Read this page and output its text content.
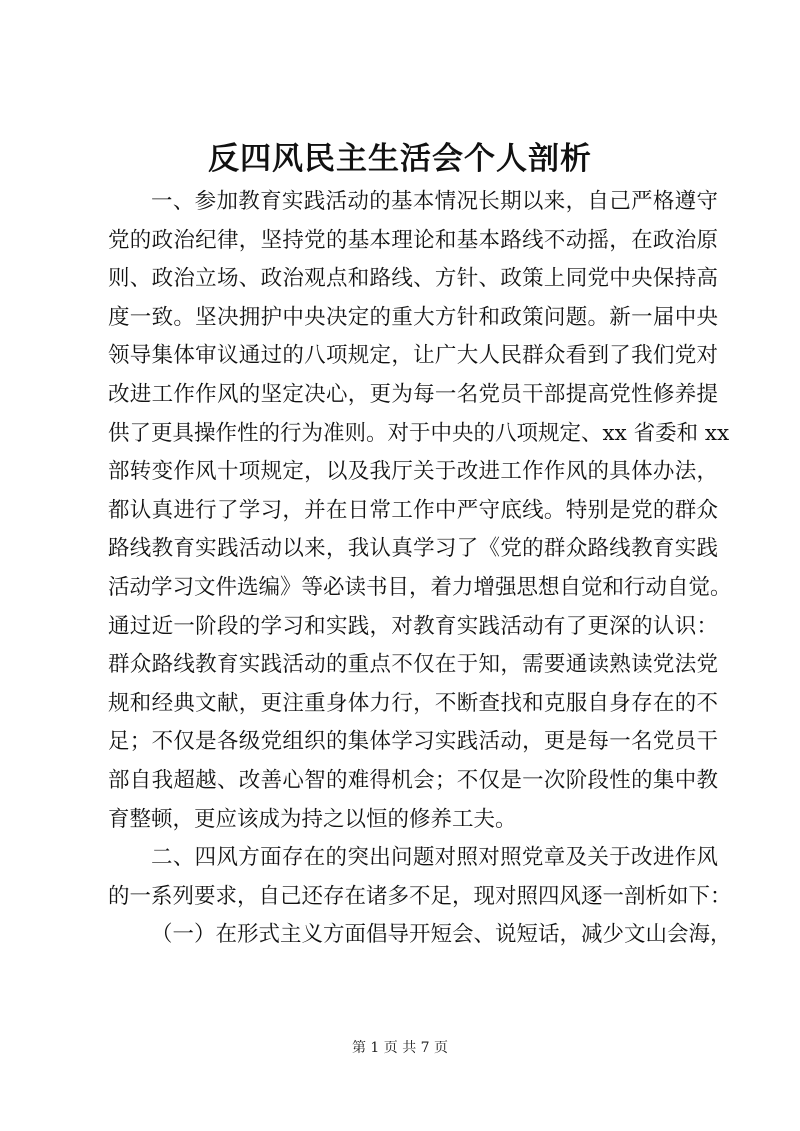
反四风民主生活会个人剖析
一、参加教育实践活动的基本情况长期以来，自己严格遵守
党的政治纪律，坚持党的基本理论和基本路线不动摇，在政治原
则、政治立场、政治观点和路线、方针、政策上同党中央保持高
度一致。坚决拥护中央决定的重大方针和政策问题。新一届中央
领导集体审议通过的八项规定，让广大人民群众看到了我们党对
改进工作作风的坚定决心，更为每一名党员干部提高党性修养提
供了更具操作性的行为准则。对于中央的八项规定、xx 省委和 xx
部转变作风十项规定，以及我厅关于改进工作作风的具体办法，
都认真进行了学习，并在日常工作中严守底线。特别是党的群众
路线教育实践活动以来，我认真学习了《党的群众路线教育实践
活动学习文件选编》等必读书目，着力增强思想自觉和行动自觉。
通过近一阶段的学习和实践，对教育实践活动有了更深的认识：
群众路线教育实践活动的重点不仅在于知，需要通读熟读党法党
规和经典文献，更注重身体力行，不断查找和克服自身存在的不
足；不仅是各级党组织的集体学习实践活动，更是每一名党员干
部自我超越、改善心智的难得机会；不仅是一次阶段性的集中教
育整顿，更应该成为持之以恒的修养工夫。
二、四风方面存在的突出问题对照对照党章及关于改进作风
的一系列要求，自己还存在诸多不足，现对照四风逐一剖析如下：
（一）在形式主义方面倡导开短会、说短话，减少文山会海，
第 1 页 共 7 页
